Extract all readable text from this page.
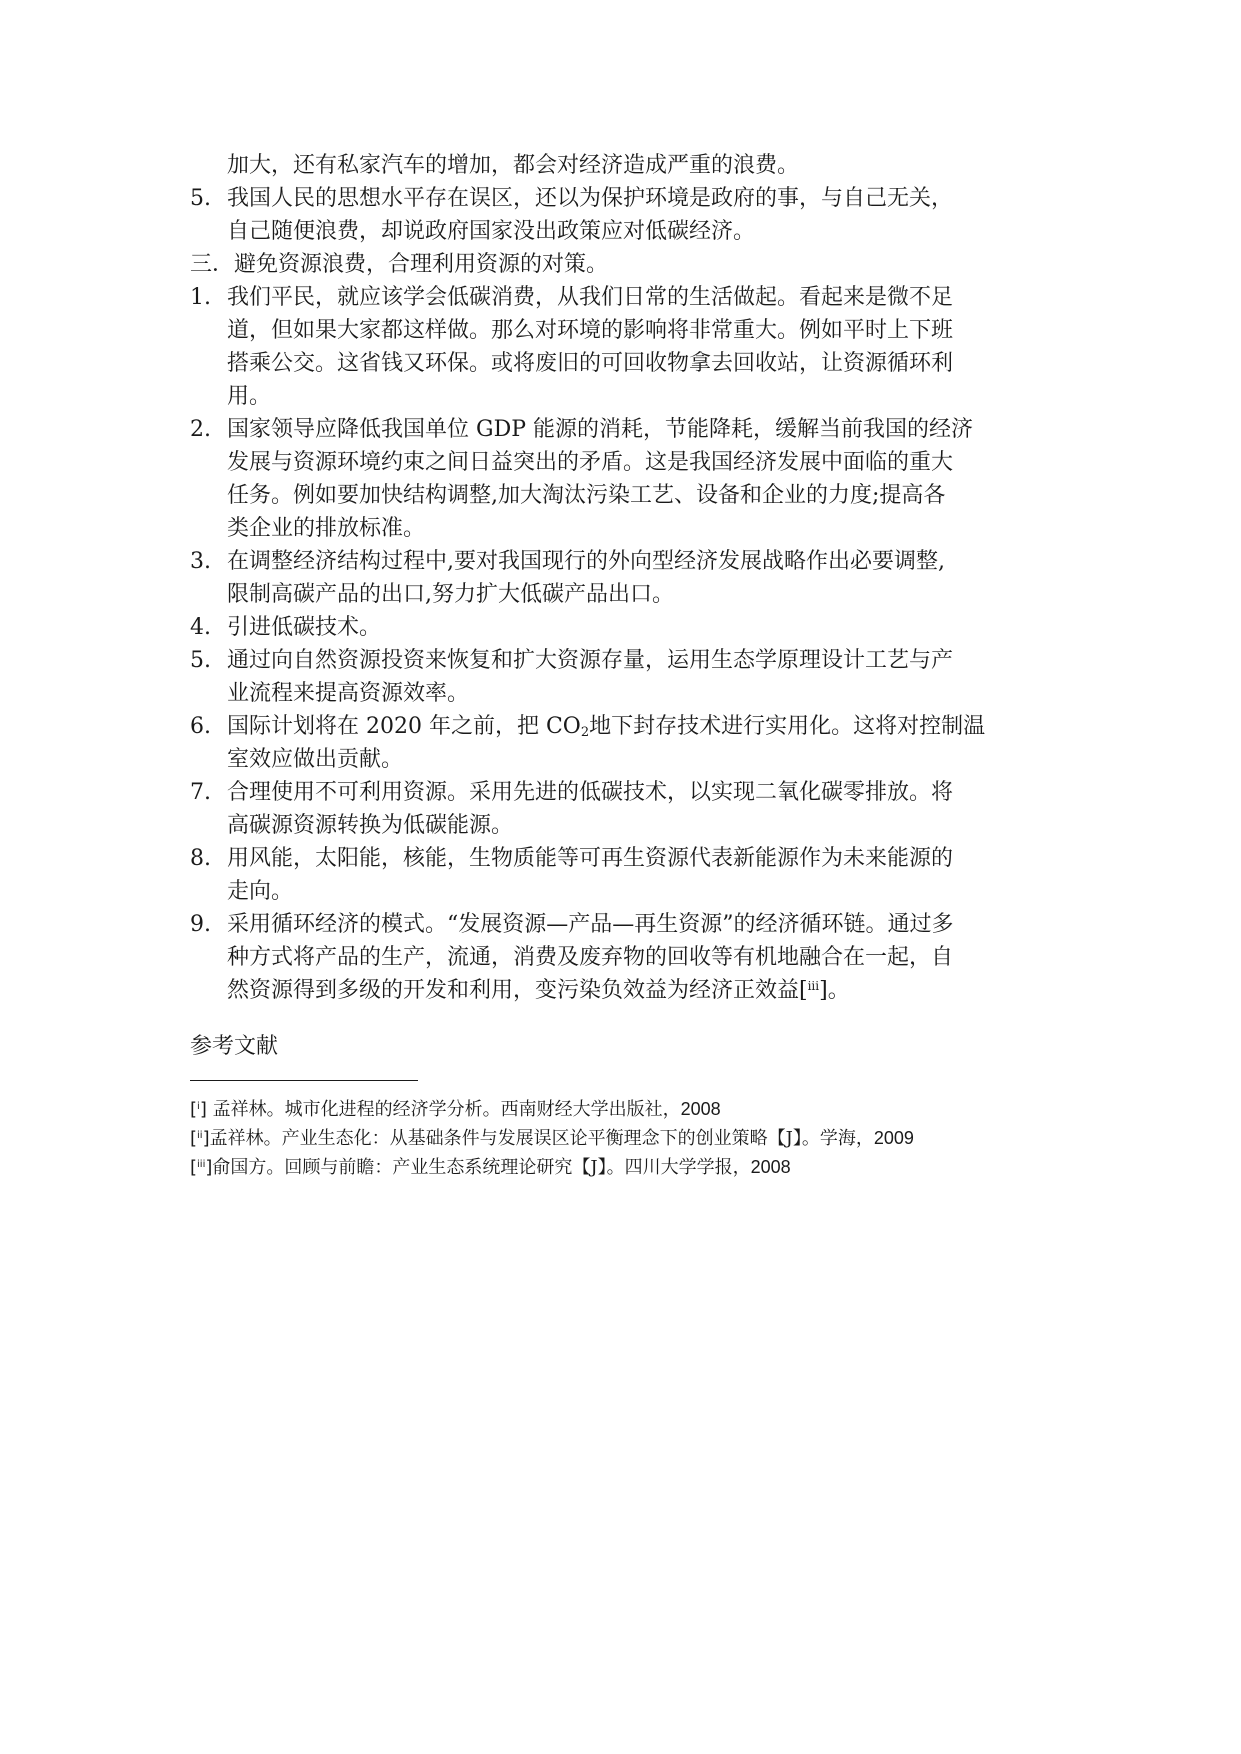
加大，还有私家汽车的增加，都会对经济造成严重的浪费。

5. 我国人民的思想水平存在误区，还以为保护环境是政府的事，与自己无关，
自己随便浪费，却说政府国家没出政策应对低碳经济。

三．避免资源浪费，合理利用资源的对策。

1. 我们平民，就应该学会低碳消费，从我们日常的生活做起。看起来是微不足
道，但如果大家都这样做。那么对环境的影响将非常重大。例如平时上下班
搭乘公交。这省钱又环保。或将废旧的可回收物拿去回收站，让资源循环利
用。
2. 国家领导应降低我国单位 GDP 能源的消耗，节能降耗，缓解当前我国的经济
发展与资源环境约束之间日益突出的矛盾。这是我国经济发展中面临的重大
任务。例如要加快结构调整,加大淘汰污染工艺、设备和企业的力度;提高各
类企业的排放标准。
3. 在调整经济结构过程中,要对我国现行的外向型经济发展战略作出必要调整,
限制高碳产品的出口,努力扩大低碳产品出口。
4. 引进低碳技术。
5. 通过向自然资源投资来恢复和扩大资源存量，运用生态学原理设计工艺与产
业流程来提高资源效率。
6. 国际计划将在 2020 年之前，把 $CO_2$地下封存技术进行实用化。这将对控制温
室效应做出贡献。
7. 合理使用不可利用资源。采用先进的低碳技术，以实现二氧化碳零排放。将
高碳源资源转换为低碳能源。
8. 用风能，太阳能，核能，生物质能等可再生资源代表新能源作为未来能源的
走向。
9. 采用循环经济的模式。“发展资源—产品—再生资源”的经济循环链。通过多
种方式将产品的生产，流通，消费及废弃物的回收等有机地融合在一起，自
然资源得到多级的开发和利用，变污染负效益为经济正效益[$^{iii}$]。
参考文献

[$^i$] 孟祥林。城市化进程的经济学分析。西南财经大学出版社，2008

[$^{ii}$]孟祥林。产业生态化：从基础条件与发展误区论平衡理念下的创业策略【J】。学海，2009

[$^{iii}$]俞国方。回顾与前瞻：产业生态系统理论研究【J】。四川大学学报，2008
